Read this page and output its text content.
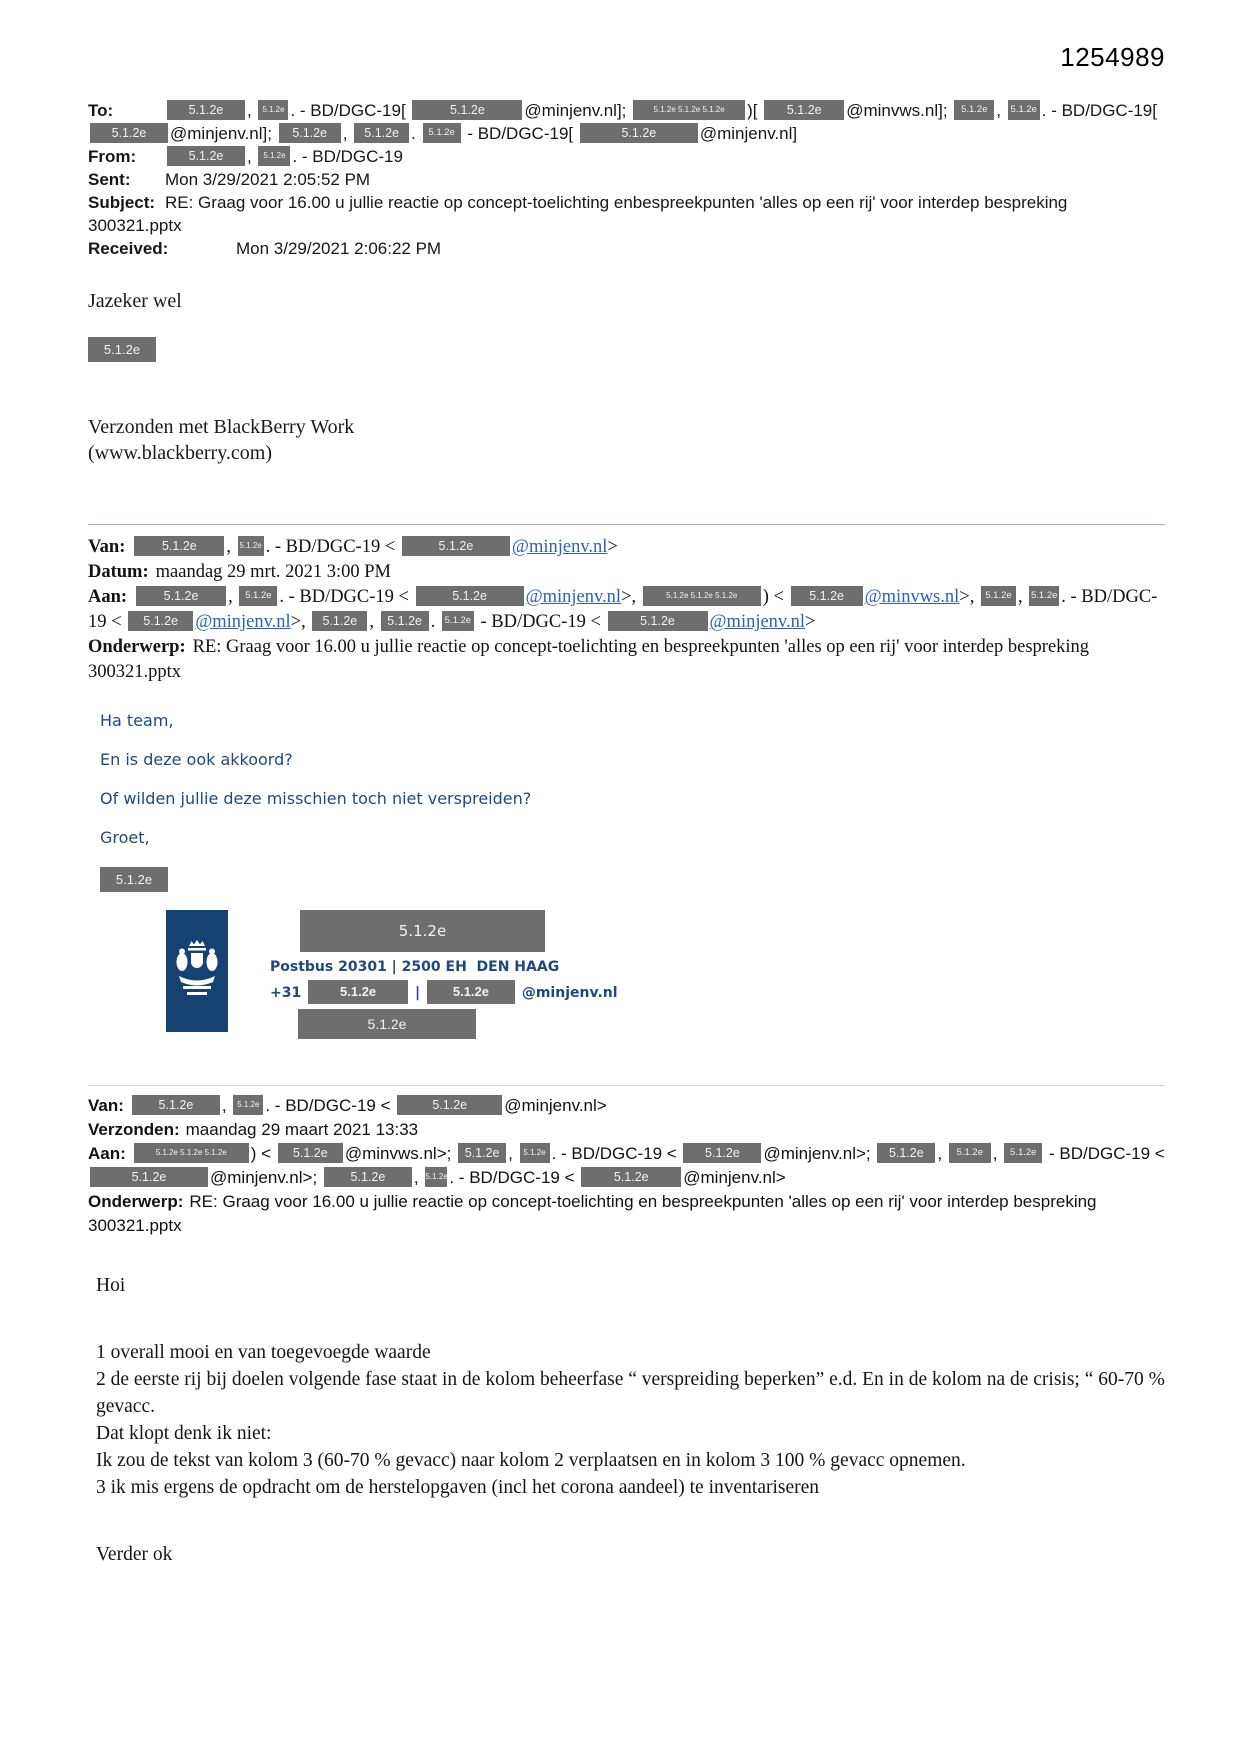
1254989

To:	5.1.2e , 5.1.2e . - BD/DGC-19[	5.1.2e @minjenv.nl];	5.1.2e 5.1.2e 5.1.2e )[ 5.1.2e @minvws.nl]; 5.1.2e , 5.1.2e . - BD/DGC-19[ 5.1.2e @minjenv.nl]; 5.1.2e , 5.1.2e . 5.1.2e - BD/DGC-19[	5.1.2e	@minjenv.nl]

From:	5.1.2e , 5.1.2e . - BD/DGC-19

Sent: Mon 3/29/2021 2:05:52 PM

Subject: RE: Graag voor 16.00 u jullie reactie op concept-toelichting enbespreekpunten 'alles op een rij' voor interdep bespreking 300321.pptx

Received:	Mon 3/29/2021 2:06:22 PM

Jazeker wel

5.1.2e

Verzonden met BlackBerry Work

(www.blackberry.com)

Van:	5.1.2e , 5.1.2e . - BD/DGC-19 <	5.1.2e @minjenv.nl>

Datum: maandag 29 mrt. 2021 3:00 PM

Aan:	5.1.2e , 5.1.2e . - BD/DGC-19 <	5.1.2e @minjenv.nl>,	5.1.2e 5.1.2e 5.1.2e ) < 5.1.2e @minvws.nl>, 5.1.2e , 5.1.2e . - BD/DGC-19 < 5.1.2e @minjenv.nl>, 5.1.2e , 5.1.2e . 5.1.2e - BD/DGC-19 <	5.1.2e @minjenv.nl>

Onderwerp: RE: Graag voor 16.00 u jullie reactie op concept-toelichting en bespreekpunten 'alles op een rij' voor interdep bespreking 300321.pptx

Ha team,

En is deze ook akkoord?

Of wilden jullie deze misschien toch niet verspreiden?

Groet,

5.1.2e
5.1.2e
Postbus 20301 | 2500 EH  DEN HAAG
+31	5.1.2e	|	5.1.2e @minjenv.nl
5.1.2e

Van:	5.1.2e , 5.1.2e . - BD/DGC-19 <	5.1.2e @minjenv.nl>

Verzonden: maandag 29 maart 2021 13:33

Aan:	5.1.2e 5.1.2e 5.1.2e ) < 5.1.2e @minvws.nl>; 5.1.2e , 5.1.2e . - BD/DGC-19 < 5.1.2e @minjenv.nl>; 5.1.2e , 5.1.2e , 5.1.2e - BD/DGC-19 < 5.1.2e	@minjenv.nl>; 5.1.2e , 5.1.2e . - BD/DGC-19 <	5.1.2e @minjenv.nl>

Onderwerp: RE: Graag voor 16.00 u jullie reactie op concept-toelichting en bespreekpunten 'alles op een rij' voor interdep bespreking 300321.pptx

Hoi

1 overall mooi en van toegevoegde waarde

2 de eerste rij bij doelen volgende fase staat in de kolom beheerfase “ verspreiding beperken” e.d. En in de kolom na de crisis; “ 60-70 % gevacc.

Dat klopt denk ik niet:

Ik zou de tekst van kolom 3 (60-70 % gevacc) naar kolom 2 verplaatsen en in kolom 3 100 % gevacc opnemen.

3 ik mis ergens de opdracht om de herstelopgaven (incl het corona aandeel) te inventariseren

Verder ok
